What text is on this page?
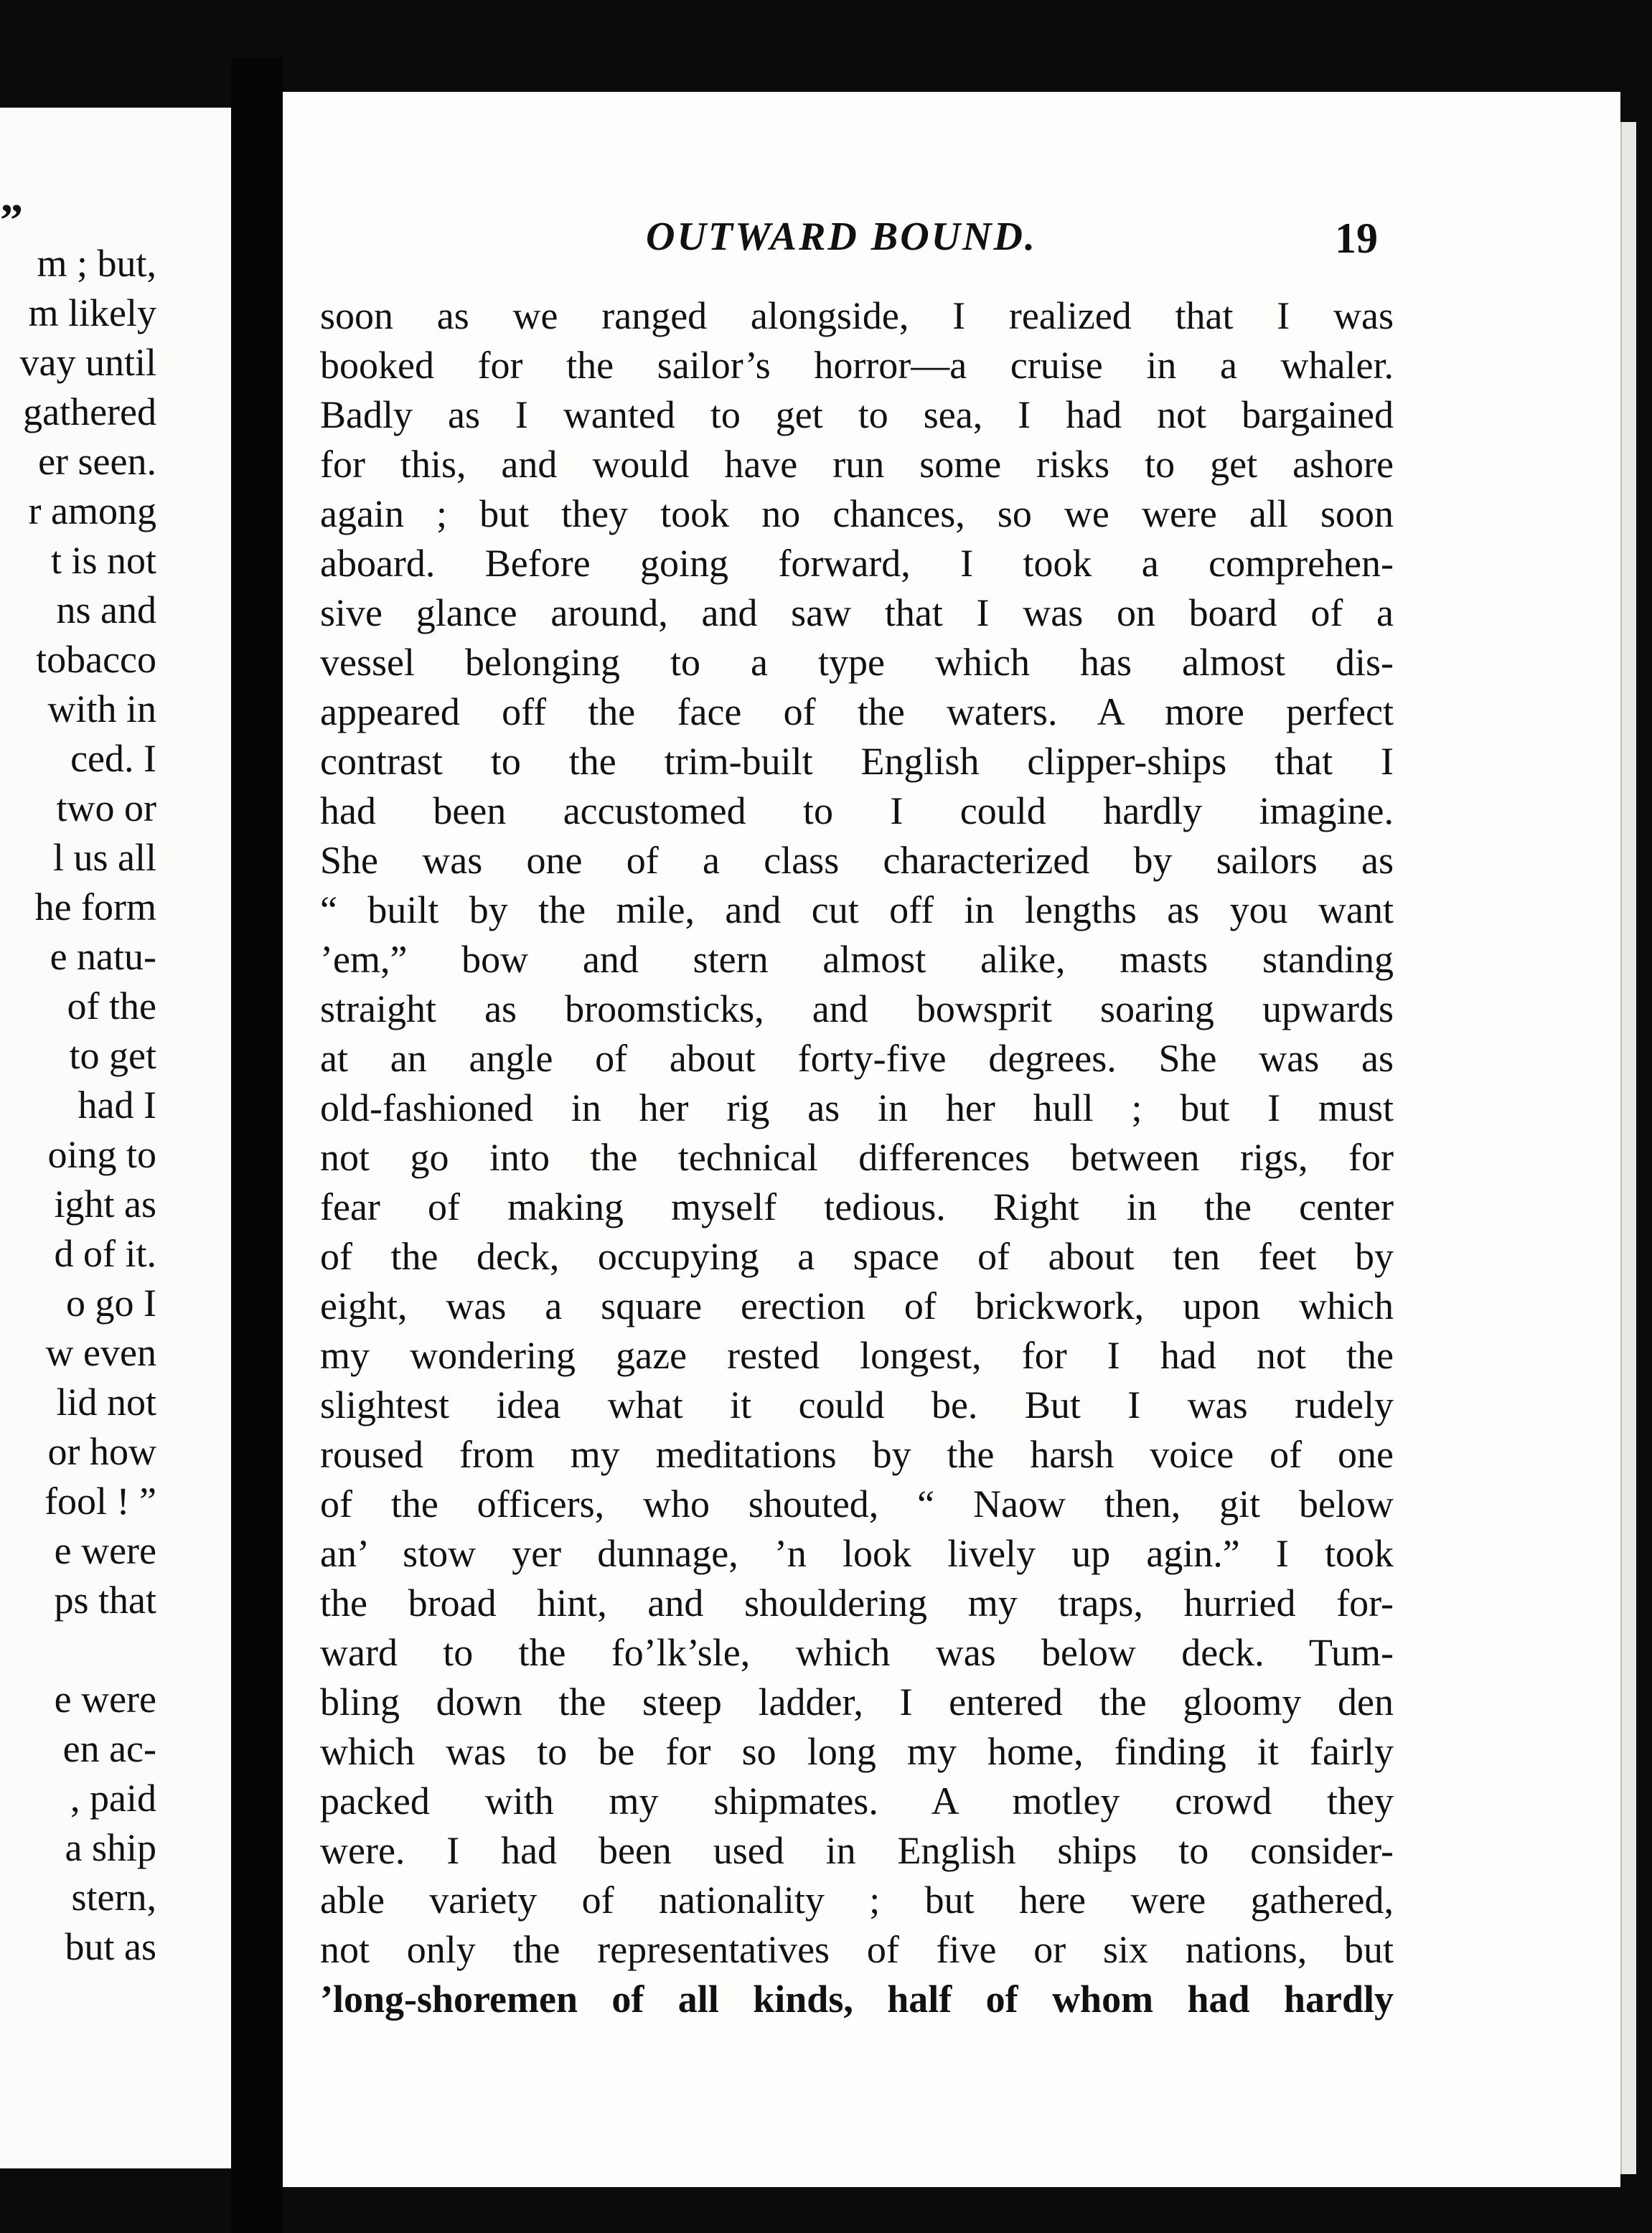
”
m ; but,
m likely
vay until
gathered
er seen.
r among
t is not
ns and
tobacco
with in
ced. I
two or
l us all
he form
e natu-
of the
to get
had I
oing to
ight as
d of it.
o go I
w even
lid not
or how
fool ! ”
e were
ps that
e were
en ac-
, paid
a ship
stern,
but as
OUTWARD BOUND.	19
soon as we ranged alongside, I realized that I was
booked for the sailor’s horror—a cruise in a whaler.
Badly as I wanted to get to sea, I had not bargained
for this, and would have run some risks to get ashore
again ; but they took no chances, so we were all soon
aboard. Before going forward, I took a comprehen-
sive glance around, and saw that I was on board of a
vessel belonging to a type which has almost dis-
appeared off the face of the waters. A more perfect
contrast to the trim-built English clipper-ships that I
had been accustomed to I could hardly imagine.
She was one of a class characterized by sailors as
“ built by the mile, and cut off in lengths as you want
’em,” bow and stern almost alike, masts standing
straight as broomsticks, and bowsprit soaring upwards
at an angle of about forty-five degrees. She was as
old-fashioned in her rig as in her hull ; but I must
not go into the technical differences between rigs, for
fear of making myself tedious. Right in the center
of the deck, occupying a space of about ten feet by
eight, was a square erection of brickwork, upon which
my wondering gaze rested longest, for I had not the
slightest idea what it could be. But I was rudely
roused from my meditations by the harsh voice of one
of the officers, who shouted, “ Naow then, git below
an’ stow yer dunnage, ’n look lively up agin.” I took
the broad hint, and shouldering my traps, hurried for-
ward to the fo’lk’sle, which was below deck. Tum-
bling down the steep ladder, I entered the gloomy den
which was to be for so long my home, finding it fairly
packed with my shipmates. A motley crowd they
were. I had been used in English ships to consider-
able variety of nationality ; but here were gathered,
not only the representatives of five or six nations, but
’long-shoremen of all kinds, half of whom had hardly
